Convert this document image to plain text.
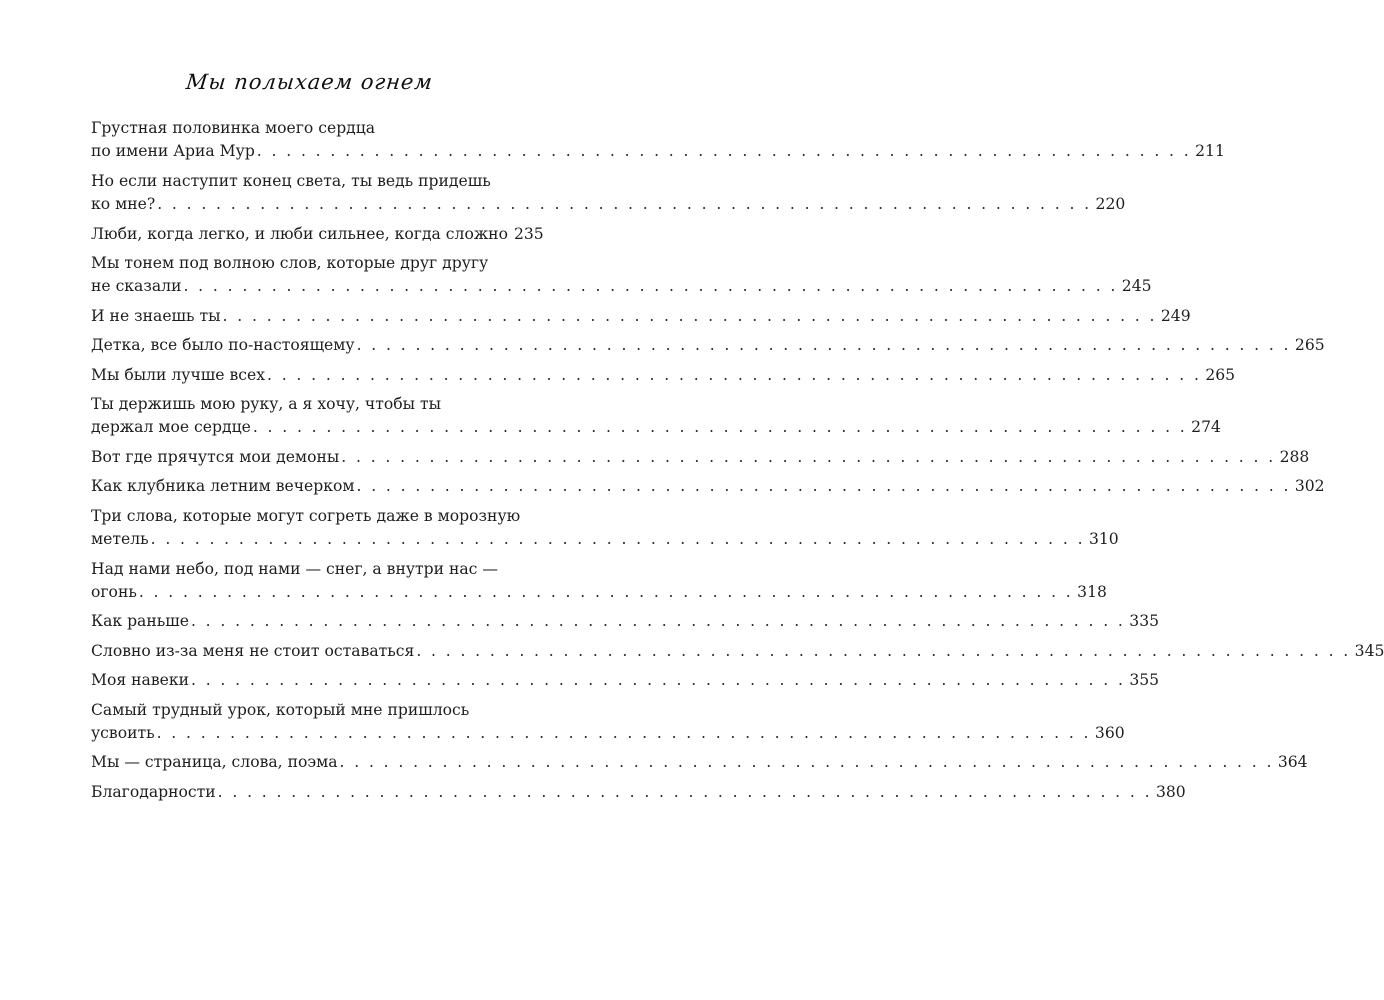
Мы полыхаем огнем
Грустная половинка моего сердца
по имени Ариа Мур . . . . . . . . . . . . . . . . . . . . . . . . . . . . . . . . . . . . . . . . . . . . . . . . . . . . . . . . . . . . . . . . 211
Но если наступит конец света, ты ведь придешь
ко мне? . . . . . . . . . . . . . . . . . . . . . . . . . . . . . . . . . . . . . . . . . . . . . . . . . . . . . . . . . . . . . . . . 220
Люби, когда легко, и люби сильнее, когда сложно 235
Мы тонем под волною слов, которые друг другу
не сказали . . . . . . . . . . . . . . . . . . . . . . . . . . . . . . . . . . . . . . . . . . . . . . . . . . . . . . . . . . . . . . . . 245
И не знаешь ты . . . . . . . . . . . . . . . . . . . . . . . . . . . . . . . . . . . . . . . . . . . . . . . . . . . . . . . . . . . . . . . . 249
Детка, все было по-настоящему . . . . . . . . . . . . . . . . . . . . . . . . . . . . . . . . . . . . . . . . . . . . . . . . . . . . . . . . . . . . . . . . 265
Мы были лучше всех . . . . . . . . . . . . . . . . . . . . . . . . . . . . . . . . . . . . . . . . . . . . . . . . . . . . . . . . . . . . . . . . 265
Ты держишь мою руку, а я хочу, чтобы ты
держал мое сердце . . . . . . . . . . . . . . . . . . . . . . . . . . . . . . . . . . . . . . . . . . . . . . . . . . . . . . . . . . . . . . . . 274
Вот где прячутся мои демоны . . . . . . . . . . . . . . . . . . . . . . . . . . . . . . . . . . . . . . . . . . . . . . . . . . . . . . . . . . . . . . . . 288
Как клубника летним вечерком . . . . . . . . . . . . . . . . . . . . . . . . . . . . . . . . . . . . . . . . . . . . . . . . . . . . . . . . . . . . . . . . 302
Три слова, которые могут согреть даже в морозную
метель . . . . . . . . . . . . . . . . . . . . . . . . . . . . . . . . . . . . . . . . . . . . . . . . . . . . . . . . . . . . . . . . 310
Над нами небо, под нами — снег, а внутри нас —
огонь . . . . . . . . . . . . . . . . . . . . . . . . . . . . . . . . . . . . . . . . . . . . . . . . . . . . . . . . . . . . . . . . 318
Как раньше . . . . . . . . . . . . . . . . . . . . . . . . . . . . . . . . . . . . . . . . . . . . . . . . . . . . . . . . . . . . . . . . 335
Словно из-за меня не стоит оставаться . . . . . . . . . . . . . . . . . . . . . . . . . . . . . . . . . . . . . . . . . . . . . . . . . . . . . . . . . . . . . . . . 345
Моя навеки . . . . . . . . . . . . . . . . . . . . . . . . . . . . . . . . . . . . . . . . . . . . . . . . . . . . . . . . . . . . . . . . 355
Самый трудный урок, который мне пришлось
усвоить . . . . . . . . . . . . . . . . . . . . . . . . . . . . . . . . . . . . . . . . . . . . . . . . . . . . . . . . . . . . . . . . 360
Мы — страница, слова, поэма . . . . . . . . . . . . . . . . . . . . . . . . . . . . . . . . . . . . . . . . . . . . . . . . . . . . . . . . . . . . . . . . 364
Благодарности . . . . . . . . . . . . . . . . . . . . . . . . . . . . . . . . . . . . . . . . . . . . . . . . . . . . . . . . . . . . . . . . 380
